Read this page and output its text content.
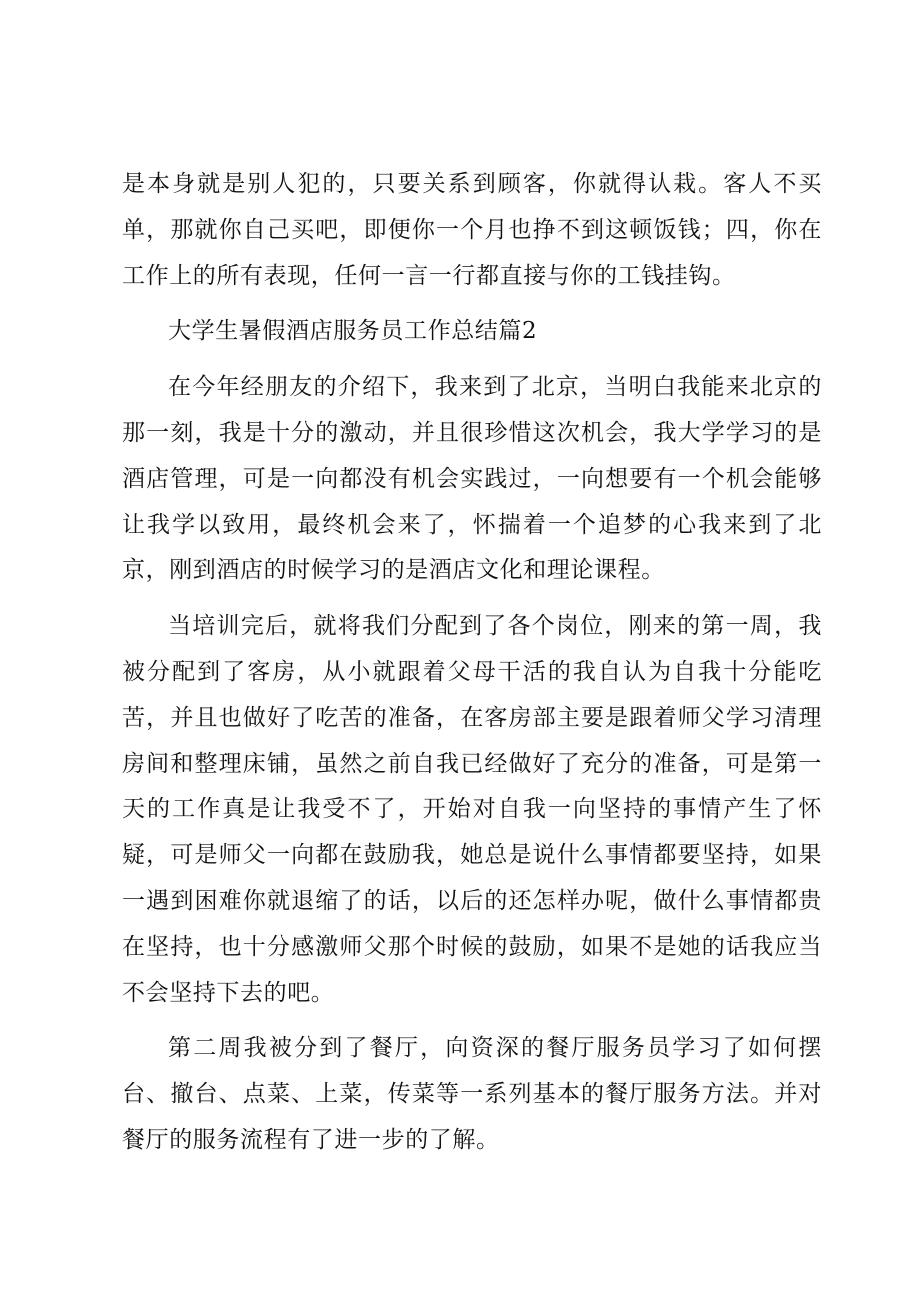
是本身就是别人犯的，只要关系到顾客，你就得认栽。客人不买单，那就你自己买吧，即便你一个月也挣不到这顿饭钱；四，你在工作上的所有表现，任何一言一行都直接与你的工钱挂钩。

大学生暑假酒店服务员工作总结篇2

在今年经朋友的介绍下，我来到了北京，当明白我能来北京的那一刻，我是十分的激动，并且很珍惜这次机会，我大学学习的是酒店管理，可是一向都没有机会实践过，一向想要有一个机会能够让我学以致用，最终机会来了，怀揣着一个追梦的心我来到了北京，刚到酒店的时候学习的是酒店文化和理论课程。

当培训完后，就将我们分配到了各个岗位，刚来的第一周，我被分配到了客房，从小就跟着父母干活的我自认为自我十分能吃苦，并且也做好了吃苦的准备，在客房部主要是跟着师父学习清理房间和整理床铺，虽然之前自我已经做好了充分的准备，可是第一天的工作真是让我受不了，开始对自我一向坚持的事情产生了怀疑，可是师父一向都在鼓励我，她总是说什么事情都要坚持，如果一遇到困难你就退缩了的话，以后的还怎样办呢，做什么事情都贵在坚持，也十分感激师父那个时候的鼓励，如果不是她的话我应当不会坚持下去的吧。

第二周我被分到了餐厅，向资深的餐厅服务员学习了如何摆台、撤台、点菜、上菜，传菜等一系列基本的餐厅服务方法。并对餐厅的服务流程有了进一步的了解。
